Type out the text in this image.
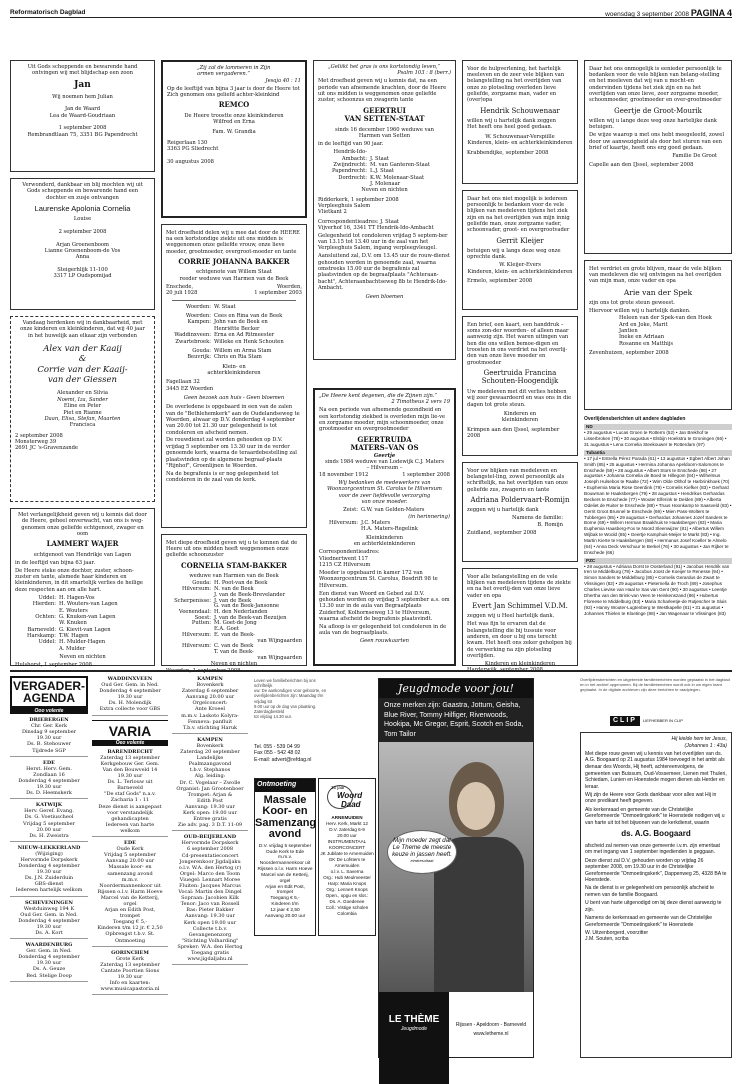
Reformatorisch Dagblad	woensdag 3 september 2008 PAGINA 4
Uit Gods scheppende en bewarende hand
ontvingen wij met blijdschap een zoon
Jan
Wij noemen hem Julian

Jan de Waard
Lea de Waard-Goudriaan

1 september 2008
Rembrandtlaan 75, 3351 BG Papendrecht
Verwonderd, dankbaar en blij mochten wij uit
Gods scheppende en bewarende hand een
dochter en zusje ontvangen
Laurenske Apolonia Cornelia
Louise

2 september 2008

Arjan Groenenboom
Lianne Groenenboom-de Vos
Anna

Steigerhlijk 11-100
3317 LP Oudspomijad
Vandaag herdenken wij in dankbaarheid, met
onze kinderen en kleinkinderen, dat wij 40 jaar
in het huwelijk aan elkaar zijn verbonden
Alex van der Kaaij
&
Corrie van der Kaaij-
van der Giessen
Alexander en Silvia
Noemi, Iza, Sander
Eline en Peter
Piet en Rianne
Daan, Elisa, Stefan, Maarten
Francisca
2 september 2008
Monsterweg 39
2691 JC 's-Gravenzande
Met verlangelijkheid geven wij u kennis dat door
de Heere, geheel onverwacht, van ons is weg-
genomen onze geliefde echtgenoot, zwager en
oom
LAMMERT WAJER
echtgenoot van Hendrikje van Lagen

in de leeftijd van bijna 63 jaar.

De Heere steke onze dochter, zuster, schoon-zuster en tante, alsmede haar kinderen en kleinkinderen, in dit smartelijk verlies de heilige deze respecten aan om alle hart.

Uddel: H. Hagen-Vos
Hierden: H. Wouters-van Lagen
E. Wouters
Ochten: G. Knuken-van Lagen
W. Knuken
Barneveld: G. Kievit-van Lagen
Harskamp: T.W. Hagen
Uddel: H. Mulder-Hagen
A. Mulder
Neven en nichten
Hulshorst, 1 september 2008
„Zij zal de lammeren in Zijn
armen vergaderen.”
Jesaja 40 : 11

Op de leeftijd van bijna 3 jaar is door de Heere tot Zich genomen ons geliefd achter-kleinkind

REMCO
De Heere troostte onze kleinkinderen
Wilfred en Erna
Fam. W. Grandia
Reigerlaan 130
3363 PG Sliedrecht

30 augustus 2008

Met droefheid delen wij u mee dat door de HEERE na een kortstondige ziekte uit ons midden is weggenomen onze geliefde vrouw, onze lieve moeder, grootmoeder, overgroot-moeder en tante

CORRIE JOHANNA BAKKER
echtgenote van Willem Staat
reeder weduwe van Harmen van de Beek
Enschede,	Woerden,
20 juli 1928	1 september 2003
Woerden: W. Staat
Woerden: Cees en Rina van de Beek
Kampen: John van de Beek en
Henriëtte Becker
Waddinxveen: Erna en Ad Ritmeester
Zwartebroek: Willeke en Henk Schouten
Gouda: Willem en Arma Stam
Beuvrijk: Chris en Ria Stam
Klein- en
achterkleinkinderen
Fagellaan 32
3445 EZ Woerden
Geen bezoek aan huis - Geen bloemen

De overledene is opgebaard in een van de zalen van de "Bethlehemkerk" aan de Oudelandseweg te Woerden, alwaar op D.V. donderdag 4 september van 20.00 tot 21.30 uur gelegenheid is tot condoleren en afscheid nemen.

De rouwdienst zal worden gehouden op D.V. vrijdag 5 september om 13.30 uur in de verder genoemde kerk, waarna de teraardebestelling zal plaatsvinden op de algemene begraaf-plaats "Rijnhof", Groenlijnen te Woerden.

Na de begrafenis is er nog gelegenheid tot condoleren in de zaal van de kerk.

Met diepe droefheid geven wij u te kennen dat de Heere uit ons midden heeft weggenomen onze geliefde schoonzuster

CORNELIA STAM-BAKKER
weduwe van Harmen van de Beek
Gouda: H. Poot-van de Beek
Hilversum: N. van de Beek
J. van de Beek-Brevelander
Scherpenisse: J. van de Beek
G. van de Beek-Jansonne
Veenendaal: H. den Nederlanden
Soest: J. van de Beek-van Bezuijen
Putten: M. Goet-de Jong
E.A. Goet
Hilversum: E. van de Beek-
van Wijngaarden
Hilversum: C. van de Beek
T. van de Beek-
van Wijngaarden
Neven en nichten
„Geliikt het gras is ons kortstondig leven,”
Psalm 103 : 8 (berr.)

Met droefheid geven wij u kennis dat, na een periode van afnemende krachten, door de Heere uit ons midden is weggenomen onze geliefde zuster, schoonzus en zwagerin tante

GEERTRUI
VAN SETTEN-STAAT
sinds 16 december 1960 weduwe van
Harmen van Setten

in de leeftijd van 90 jaar.

Hendrik-Ido-
Ambacht: J. Staat
Zwijndrecht: M. van Ganteren-Staat
Papendrecht: L.J. Staat
Dordrecht: K.W. Molenaar-Staat
J. Molenaar
Neven en nichten
Ridderkerk, 1 september 2008
Verpleeghuis Salem
Vlietkant 2
Correspondentieadres: J. Staat
Vijverhof 16, 3341 TT Hendrik-Ido-Ambacht

Gelegenheid tot condoleren vrijdag 5 septem-ber van 13.15 tot 13.40 uur in de zaal van het Verpleeghuis Salem, ingang verpleegvleugel.

Aansluitend zal, D.V. om 13.45 uur de rouw-dienst gehouden worden in genoemde zaal, waarna omstreeks 15.00 uur de begrafenis zal plaatsvinden op de begraafplaats "Achteraan-bacht", Achteraanbachtseweg 8b te Hendrik-Ido-Ambacht.

Geen bloemen
„De Heere kent degenen, die de Zijnen zijn.”
2 Timotheus 2 vers 19

Na een periode van afnemende gezondheid en een kortstondig ziekbed is overleden mijn lie-ve en zorgzame moeder, mijn schoonmoeder, onze grootmoeder en overgrootmoeder

GEERTRUIDA
MATERS–VAN OS
Geertje
sinds 1984 weduwe van Lodewijk C.J. Maters
– Hilversum –
18 november 1912	1 september 2008
Wij bedanken de medewerkers van
Woonzorgcentrum St. Carolus te Hilversum
voor de zeer liefdevolle verzorging
van onze moeder.
Zeist: G.W. van Gelden-Maters
(in herinnering)
Hilversum: J.C. Maters
H.A. Maters-Regelink
Kleinkinderen
en achterkleinkinderen
Correspondentieadres:
Vliednertwent 117
1215 CZ Hilversum

Moeder is opgebaard in kamer 172 van Woonzorgcentrum St. Carolus, Bosdrift 98 te Hilversum.

Een dienst van Woord en Gebed zal D.V. gehouden worden op vrijdag 5 september a.s. om 13.30 uur in de aula van Begraafplaats Zuiderhof, Kolhornseweg 13 te Hilversum, waarna afscheid de begrafenis plaatsvindt.

Na afloop is er gelegenheid tot condoleren in de aula van de begraafplaats.

Geen rouwkaarten

Voor de hulpverlening, het hartelijk meeleven en de zeer vele blijken van belangstelling na het overlijden van onze zo plotseling overleden lieve geliefde, zorgzame man, vader en (over)opa

Hendrik Schouwenaar
willen wij u hartelijk dank zeggen
Het heeft ons heel goed gedaan.
W. Schouwenaar-Verspiille
Kinderen, klein- en achterkleinkinderen
Krabbendijke, september 2008

Daar het ons niet mogelijk is iedereen persoonlijk te bedanken voor de vele blijken van medeleven tijdens het ziek zijn en na het overlijden van mijn innig geliefde man, onze zorgzame vader, schoonvader, groot- en overgrootvader

Gerrit Kleijer

betuigen wij u langs deze weg onze oprechte dank.

W. Kleijer-Evers
Kinderen, klein- en achterkleinkinderen
Ermelo, september 2008

Een brief, een kaart, een handdruk –soms zon-der woorden– of alleen maar aanwezig zijn. Het waren uitingen van hen die ons willen bemoe-digen en troosten in ons verdriet na het overlij-den van onze lieve moeder en grootmoeder

Geertruida Francina
Schouten-Hoogendijk

Uw medeleven met dit verlies hebben wij zeer gewaardeerd en was ons in die dagen tot grote steun.

Kinderen en
kleinkinderen
Krimpen aan den IJssel, september 2008

Voor uw blijken van medeleven en belangstel-ling, zowel persoonlijk als schriftelijk, na het overlijden van onze geliefde zus, zwagerin en tante

Adriana Poldervaart-Romijn

zeggen wij u hartelijk dank

Namens de familie:
B. Romijn
Zuidland, september 2008

Voor alle belangstelling en de vele blijken van medeleven tijdens de ziekte en na het overlij-den van onze lieve vader en opa

Evert Jan Schimmel V.D.M.

zeggen wij u Heel hartelijk dank.

Het was fijn te ervaren dat de belangstelling die bij tussuie voor anderen, en door u bij ons terecht kwam. Het heeft ons zeker geholpen bij de verwerking na zijn plotseling overlijden.

Kinderen en kleinkinderen

Daar het ons onmogelijk is eenieder persoonlijk te bedanken voor de vele blijken van belang-stelling en het meeleven dat wij van u mocht-en ondervinden tijdens het ziek zijn en na het overlijden van onze lieve, zeer zorgzame moeder, schoonmoeder, grootmoeder en over-grootmoeder

Geertje de Groot-Mourik

willen wij u lange deze weg onze hartelijke dank betuigen.

De wijze waarop u met ons hebt meegeleefd, zowel door uw aanwezigheid als door het sturen van een brief of kaartje, heeft ons erg goed gedaan.

Familie De Groot
Capelle aan den IJssel, september 2008

Het verdriet en grote blijven, maar de vele blijken van medeleven die wij ontvingen na het overlijden van mijn man, onze vader en opa

Arie van der Spek

zijn ons tot grote steun geweest.

Hiervoor willen wij u hartelijk danken.

Heleen van der Spek-van den Hoek
Ard en Joke, Marit
Jantien
Ineke en Adriaan
Rosanne en Matthijs
Zevenhuizen, september 2008
Overlijdensberichten uit andere dagbladen
ND
• 29 augustus • Lucas Groen te Rotterm (52) • Jan Brekhof te Lisserbroken (78) • 30 augustus • Elsbijn Hoekstra te Groningen (66) • 31 augustus • Lena Cornelia Steekouwer te Rotterdam (97)
Tubantia
• 17 jul • Estrella Pérez Parada (61) • 13 augustus • Egbert Albert Johan Smith (85) • 25 augustus • Hermina Johanna Apeldoorn-Salomons te Enschede (59) • 28 augustus • Albert Stors te Enschede (86) • 27 augustus • Johanna Cornelia de Boed te Hillegom (84) • Wilhelmus Joseph Hulsebos te Raalte (72) • Wim Olde Olthof te Harbrinkhoek (70) • Euphemia Maria Rose Geerdink (79) • Cornelis Kiefker (83) • Gerhard Bouwman te Haaksbergen (79) • 28 augustus • Hendrikus Gerhardus Beckers te Enschede (77) • Wouter Elferink te Delden (89) • Alberta Odeliet de Ruiter te Enschede (88) • Truus Hoonkamp te Saasveld (83) • Gerrit Groot Brunnel te Enschede (69) • Mien Pass-Wolters te Tubbergen (85) • 29 augustus • Gerhardus Johannes Jozef Sanders te Borne (69) • Willem Herman Braakhuis te Haaksbergen (83) • Maria Euphemia Haasberg-Fox te Noord Sleenwijzer (81) • Albertus Willem Wijbak te Woold (85) • Geertje Kamphuis-Meijer te Markt (83) • Ing. Martin Kierte te Haaksbergen (68) • Hermanus Josef Koeller te Almelo (64) • Anna Deck Verschuur te Berkel (76) • 30 augustus • Jan Rijber te Enschede (66)
PZC
• 28 augustus • Adriana Dorst te Oosterland (91) • Jacobus Hendrik van Iren te Middelburg (79) • Jacobus Joost de Koeijer te Renesse (94) • Simon Sanders te Middelburg (85) • Cornelis Gerardus de Zwart te Vlissingen (82) • 29 augustus • Pieternella de Troch (89) • Josephus Charles Lievise van Haal te Sas van Gent (90) • 30 augustus • Leentje Dhertha van den Brink-van Veen te Heinkenszand (86) • Hubertus Floreese te Middelburg (83) • Maria Scharleetje-de Rutjescher te Sluis (92) • Hanny Wouter-Lugtenberg te Westkapelle (81) • 31 augustus • Johannes Thielen te Kloetinge (88) • Jan Wagenaar te Vlissingen (83)
VERGADER-AGENDA
Ooo volente
DRIEBERGEN
Chr. Ger. Kerk
Dinsdag 9 september
19.30 uur
Ds. B. Stehouwer
Tijdrede SGP
EDE
Herst. Herv. Gem.
Zondlaan 16
Donderdag 4 september
19.30 uur
Ds. D. Heemskerk
KATWIJK
Herv. Geref. Evang.
Ds. G. Voetiuscheol
Vrijdag 5 september
20.00 uur
Ds. H. Zweistra
NIEUW-LEKKERLAND
(Wijziging)
Hervormde Dorpskerk
Donderdag 4 september
19.30 uur
Ds. J.N. Zuiderduin
GBS-dienst
Iedereen hartelijk welkom
SCHEVENINGEN
Westduinweg 194 K
Oud Ger. Gem. in Ned.
Donderdag 4 september
19.30 uur
Ds. A. Kort
WAARDENBURG
Ger. Gem. in Ned.
Donderdag 4 september
19.30 uur
Ds. A. Geuze
Bed. Stelige Doop
WADDINXVEEN
Oud Ger. Gem. in Ned.
Donderdag 4 september
19.30 uur
Ds. H. Molendijk
Extra collecte voor GBS
VARIA
Oeo volente
BARENDRECHT
Zaterdag 13 september
Kerkgebouw Ger. Gem.
Van den Bouwveld 14
19.30 uur
Ds. L. Terlouw uit
Barneveld
"De staf Gods" n.a.v.
Zacharia 1 : 11
Deze dienst is aangepast
voor verstandelijk
gehandicapten
Iedereen van harte
welkom
EDE
Oude Kerk
Vrijdag 5 september
Aanvang 20.00 uur
Massale koor- en
samenzang avond
m.m.v.
Noordermannenkoor uit
Rijssen o.l.v. Harm Hoeve
Marcel van de Ketterij,
orgel
Arjan en Edith Post,
trompet
Toegang € 5,-
Kinderen t/m 12 jr. € 2,50
Opbrengst t.b.v. St.
Ontmoeting
GORINCHEM
Grote Kerk
Zaterdag 13 september
Cantate Poortien Sions
19.30 uur
Info en kaarten:
www.musicapastoria.nl
KAMPEN
Bovenkerk
Zaterdag 6 september
Aanvang 20.00 uur
Orgelconcert:
Ante Kroeel
m.m.v. Laskoto Kolyra-
Fenneva: panfluit
T.b.v. stichting Haruk
KAMPEN
Bovenkerk
Zaterdag 20 september
Landelijke
Psalmzangavond
t.b.v. Stephanos
Alg. leiding:
Dr. C. Vogelaar – Zwolle
Organist: Jan Grootenboer
Trompet: Arjan &
Edith Post
Aanvang: 19.30 uur
Kerk open: 19.00 uur
Entree gratis
Zie adv. pag. 3 D.T. 11-09
OUD-BEIJERLAND
Hervormde Dorpskerk
6 september 2008
Cd-presentatieconcert
Jongerenkoor Jigdaljaku
o.l.v. W.A. den Hertog (r)
Orgel: Marco den Toom
Viuegel: Lennart Moree
Fluiten: Jacques Marcus
Vocal: Martin den Dingel
Sopraan: Jacobien Kilk
Tenor: Jaco van Rossell
Bas: Pieter Bakker
Aanvang: 19.30 uur
Kerk open 19.00 uur
Collecte t.b.v.
Gevangenenzorg
"Stichting Volharding"
Spreker: W.A. den Hertog
Toegang gratis
www.jigdaljahu.nl
Leven we familieberichten bij ons schriftelijk
uw: De aankondigen voor geboorte, en
overlijdenberichten zijn: Maandag t/m vrijdag tot
9.00 uur op de dag van plaatsing. Zaterdagbesteld
tot vrijdag 14.30 uur.
Tel. 055 - 539 04 99
Fax 055 - 542 48 02
E-mail: advert@refdag.nl
Ontmoeting
Massale
Koor- en
Samenzang
avond
D.V. vrijdag 5 september
Oude Kerk te Ede
m.m.v.
Noordermannenkoor uit
Rijssen o.l.v. Harm Hoeve
Marcel van de Ketterij,
orgel
Arjan en Edit Post,
trompet
Toegang € 5,-
Kinderen t/m
12 jaar € 2,50
Aanvang 20.00 uur
35 jaar
Woord
Daad
ARNEMUIDEN
Herv. Kerk, Markt 12
D.V. zaterdag 6-9
20.00 uur
INSTRUMENTAAL
KOORCONCERT
JK Jubilate te Arnemuiden
GK De Lofstem te
Arnemuiden
o.l.v. L. Saverna
Org.: Hub Meulmeester
Harp: Maria Knops
Org.: Lennert Knops
Open., opgu en slot.:
Ds. A. Goedenee
Coll.: Vistige scholen
Colombia
Jeugdmode voor jou!
Onze merken zijn: Gaastra, Jottum, Geisha, Blue River, Tommy Hilfiger, Riverwoods, Hookipa, Mc Gregor, Esprit, Scotch en Soda, Tom Tailor
Mijn moeder zegt dat
Le Theme de meeste
keuze in jassen heeft.
eindresultaat
LE THÈME
Jeugdmode
Rijssen - Apeldoorn - Barneveld
www.letheme.nl
Overlijdensberichten en uitgebreide familieberichten worden geplaatst in het dagblad en in het archief opgenomen. Bij de familieberichten wordt ook in uw eigen krant geplaatst. In de digitale archieven zijn deze berichten te raadplegen.
CLIP	LIEFHEBBER IN CLIP
Hij kielde hem ter Jesus,
(Johannes 1 : 43a)

Met diepe rouw geven wij u kennis van het overlijden van ds. A.G. Boogaard op 21 augustus 1984 toevoegd in het ambt als dienaar des Woords, Hij heeft, achtereenvolgens, de gemeenten van Buissum, Oud-Vossemeer, Lienen met Thuleri, Schiedam, Lunien en Hoenstede mogen dienen als Herder en leraar.

Wij zijn de Heere voor Gods dankbaar voor alles wat Hij in onze predikant heeft gegeven.

Als kerkenraad en gemeente van de Christelijke Gereformeerde "Onmoetingskerk" te Hoenstede nodigen wij u van harte uit tot het bijwonen van de kerkdienst, waarin

ds. A.G. Boogaard

afscheid zal nemen van onze gemeente i.v.m. zijn emeritaat om met ingang van 1 september ingedienden is geggaan.

Deze dienst zal D.V. gehouden worden op vrijdag 26 september 2008, om 19.30 uur in de Christelijke Gereformeerde "Onmoetingskerk", Dappenweg 25, 4328 BA te Hoenstede.

Na de dienst is er gelegenheid om persoonlijk afscheid te nemen van de familie Boogaard.

U bent van harte uitgenodigd om bij deze dienst aanwezig te zijn.

Namens de kerkenraad en gemeente van de Christelijke Gereformeerde "Onmoetingskerk" te Hoenstede

W. Uitzenborgerd, voorzitter
J.M. Souten, scriba
